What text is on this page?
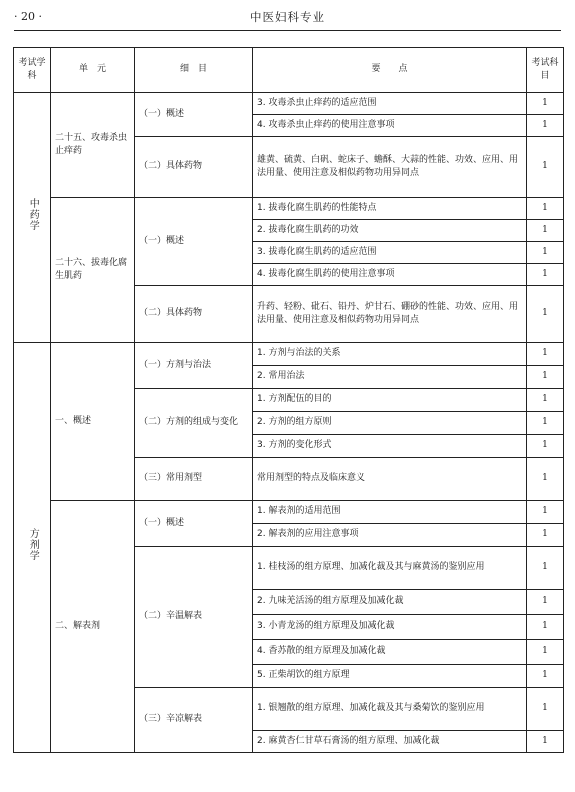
· 20 ·	中医妇科专业
考试学科	单　元	细　目	要　　点	考试科目
中药学	二十五、攻毒杀虫止痒药	（一）概述	3. 攻毒杀虫止痒药的适应范围	1
			4. 攻毒杀虫止痒药的使用注意事项	1
		（二）具体药物	雄黄、硫黄、白矾、蛇床子、蟾酥、大蒜的性能、功效、应用、用法用量、使用注意及相似药物功用异同点	1
	二十六、拔毒化腐生肌药	（一）概述	1. 拔毒化腐生肌药的性能特点	1
			2. 拔毒化腐生肌药的功效	1
			3. 拔毒化腐生肌药的适应范围	1
			4. 拔毒化腐生肌药的使用注意事项	1
		（二）具体药物	升药、轻粉、砒石、铅丹、炉甘石、硼砂的性能、功效、应用、用法用量、使用注意及相似药物功用异同点	1
方剂学	一、概述	（一）方剂与治法	1. 方剂与治法的关系	1
			2. 常用治法	1
		（二）方剂的组成与变化	1. 方剂配伍的目的	1
			2. 方剂的组方原则	1
			3. 方剂的变化形式	1
		（三）常用剂型	常用剂型的特点及临床意义	1
	二、解表剂	（一）概述	1. 解表剂的适用范围	1
			2. 解表剂的应用注意事项	1
		（二）辛温解表	1. 桂枝汤的组方原理、加减化裁及其与麻黄汤的鉴别应用	1
			2. 九味羌活汤的组方原理及加减化裁	1
			3. 小青龙汤的组方原理及加减化裁	1
			4. 香苏散的组方原理及加减化裁	1
			5. 正柴胡饮的组方原理	1
		（三）辛凉解表	1. 银翘散的组方原理、加减化裁及其与桑菊饮的鉴别应用	1
			2. 麻黄杏仁甘草石膏汤的组方原理、加减化裁	1
